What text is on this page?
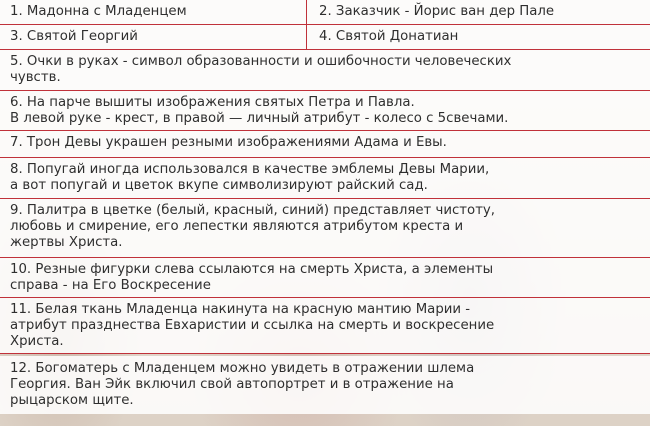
1. Мадонна с Младенцем	2. Заказчик - Йорис ван дер Пале
3. Святой Георгий	4. Святой Донатиан
5. Очки в руках - символ образованности и ошибочности человеческих
чувств.
6. На парче вышиты изображения святых Петра и Павла.
В левой руке - крест, в правой — личный атрибут - колесо с 5свечами.
7. Трон Девы украшен резными изображениями Адама и Евы.
8. Попугай иногда использовался в качестве эмблемы Девы Марии,
а вот попугай и цветок вкупе символизируют райский сад.
9. Палитра в цветке (белый, красный, синий) представляет чистоту,
любовь и смирение, его лепестки являются атрибутом креста и
жертвы Христа.
10. Резные фигурки слева ссылаются на смерть Христа, а элементы
справа - на Его Воскресение
11. Белая ткань Младенца накинута на красную мантию Марии -
атрибут празднества Евхаристии и ссылка на смерть и воскресение
Христа.
12. Богоматерь с Младенцем можно увидеть в отражении шлема
Георгия. Ван Эйк включил свой автопортрет и в отражение на
рыцарском щите.
